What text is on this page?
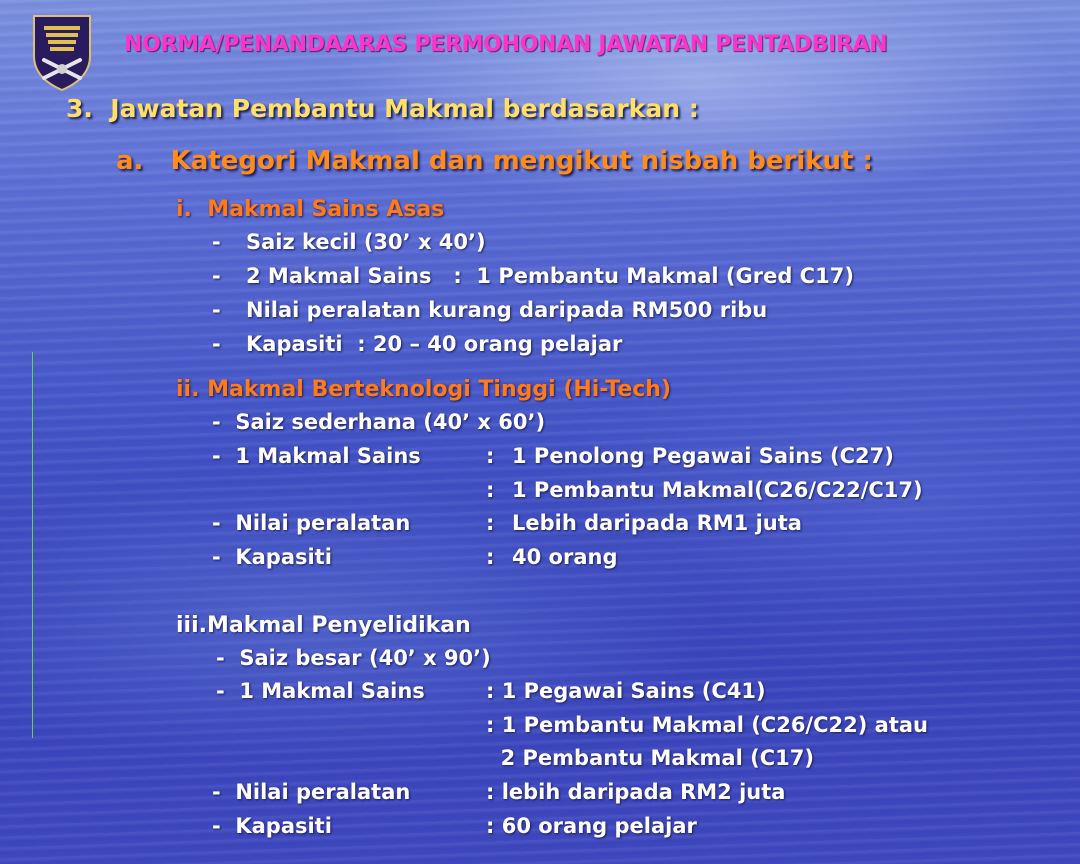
NORMA/PENANDAARAS PERMOHONAN JAWATAN PENTADBIRAN

3.  Jawatan Pembantu Makmal berdasarkan :

a.   Kategori Makmal dan mengikut nisbah berikut :

i.  Makmal Sains Asas

- Saiz kecil (30’ x 40’)

- 2 Makmal Sains   :  1 Pembantu Makmal (Gred C17)

- Nilai peralatan kurang daripada RM500 ribu

- Kapasiti  : 20 – 40 orang pelajar

ii. Makmal Berteknologi Tinggi (Hi-Tech)

-  Saiz sederhana (40’ x 60’)

-  1 Makmal Sains	: 1 Penolong Pegawai Sains (C27)

: 1 Pembantu Makmal(C26/C22/C17)

-  Nilai peralatan	: Lebih daripada RM1 juta

-  Kapasiti	: 40 orang

iii.Makmal Penyelidikan

-  Saiz besar (40’ x 90’)

-  1 Makmal Sains	: 1 Pegawai Sains (C41)

: 1 Pembantu Makmal (C26/C22) atau

2 Pembantu Makmal (C17)

-  Nilai peralatan	: lebih daripada RM2 juta

-  Kapasiti	: 60 orang pelajar
